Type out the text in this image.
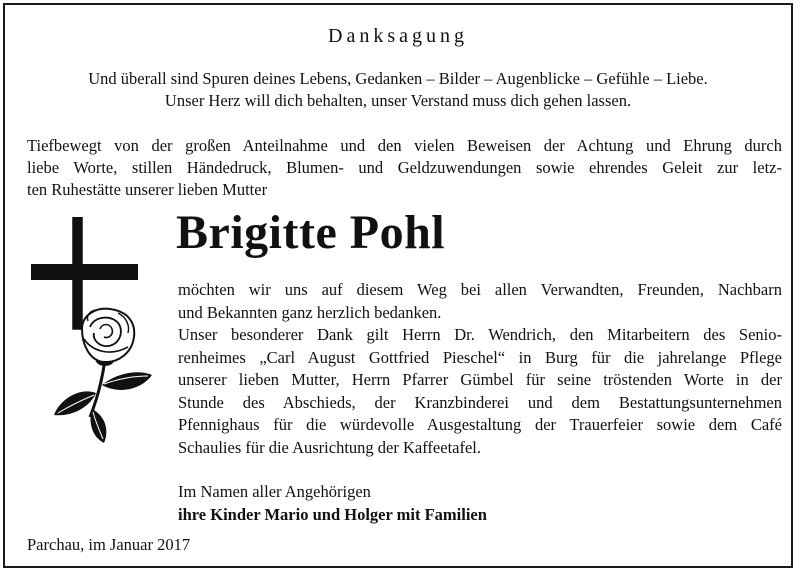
Danksagung
Und überall sind Spuren deines Lebens, Gedanken – Bilder – Augenblicke – Gefühle – Liebe.
Unser Herz will dich behalten, unser Verstand muss dich gehen lassen.
Tiefbewegt von der großen Anteilnahme und den vielen Beweisen der Achtung und Ehrung durch
liebe Worte, stillen Händedruck, Blumen- und Geldzuwendungen sowie ehrendes Geleit zur letz-
ten Ruhestätte unserer lieben Mutter
Brigitte Pohl
möchten wir uns auf diesem Weg bei allen Verwandten, Freunden, Nachbarn
und Bekannten ganz herzlich bedanken.
Unser besonderer Dank gilt Herrn Dr. Wendrich, den Mitarbeitern des Senio-
renheimes „Carl August Gottfried Pieschel“ in Burg für die jahrelange Pflege
unserer lieben Mutter, Herrn Pfarrer Gümbel für seine tröstenden Worte in der
Stunde des Abschieds, der Kranzbinderei und dem Bestattungsunternehmen
Pfennighaus für die würdevolle Ausgestaltung der Trauerfeier sowie dem Café
Schaulies für die Ausrichtung der Kaffeetafel.
Im Namen aller Angehörigen
ihre Kinder Mario und Holger mit Familien
Parchau, im Januar 2017
